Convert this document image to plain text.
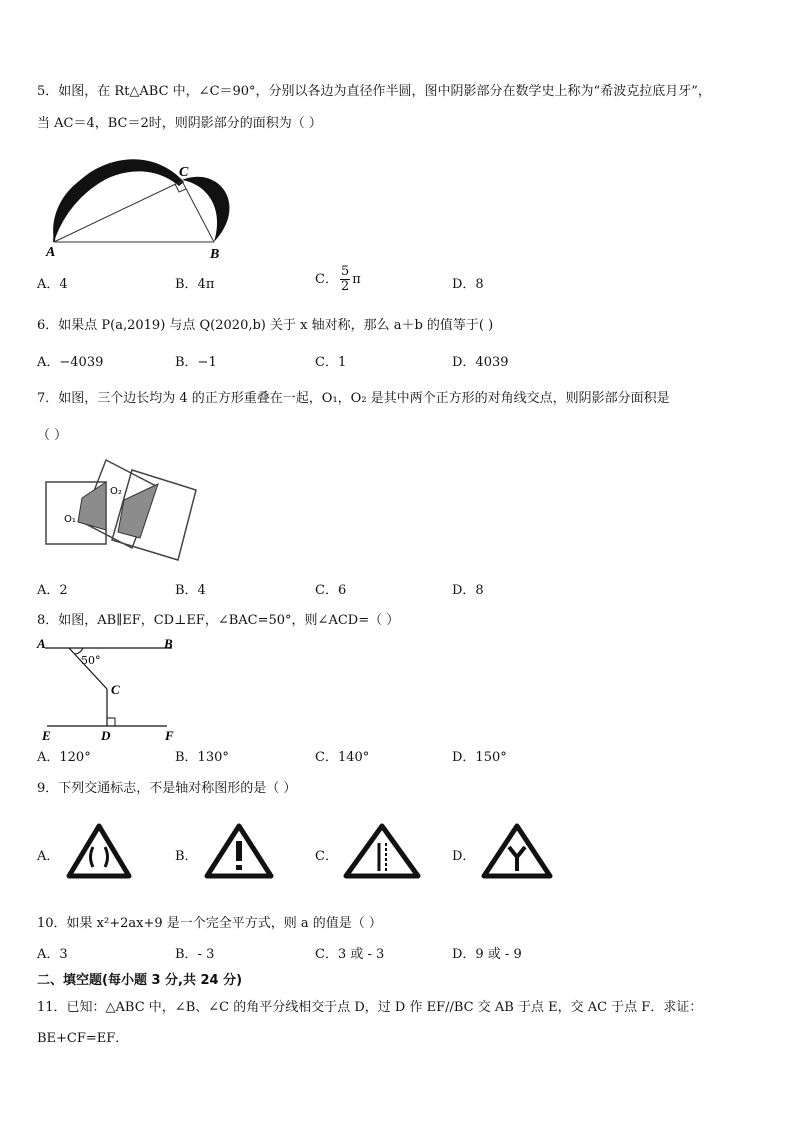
5．如图，在 Rt△ABC 中，∠C＝90°，分别以各边为直径作半圆，图中阴影部分在数学史上称为“希波克拉底月牙”，
当 AC＝4，BC＝2时，则阴影部分的面积为（ ）
A	B
C
A．4	B．4π	C． $\frac{5}{2}$ π	D．8
6．如果点 P(a,2019) 与点 Q(2020,b) 关于 x 轴对称，那么 a＋b 的值等于( )
A．−4039	B．−1	C．1	D．4039
7．如图，三个边长均为 4 的正方形重叠在一起，O₁，O₂ 是其中两个正方形的对角线交点，则阴影部分面积是
（ ）
O₁
O₂
A．2	B．4	C．6	D．8
8．如图，AB∥EF，CD⊥EF，∠BAC=50°，则∠ACD=（ ）
A	B
C
D
E	F
50°
A．120°	B．130°	C．140°	D．150°
9．下列交通标志，不是轴对称图形的是（ ）
A．	B．	C．	D．
10．如果 x²+2ax+9 是一个完全平方式，则 a 的值是（ ）
A．3	B．- 3	C．3 或 - 3	D．9 或 - 9
二、填空题(每小题 3 分,共 24 分)
11．已知：△ABC 中，∠B、∠C 的角平分线相交于点 D，过 D 作 EF//BC 交 AB 于点 E，交 AC 于点 F．求证：
BE+CF=EF．
